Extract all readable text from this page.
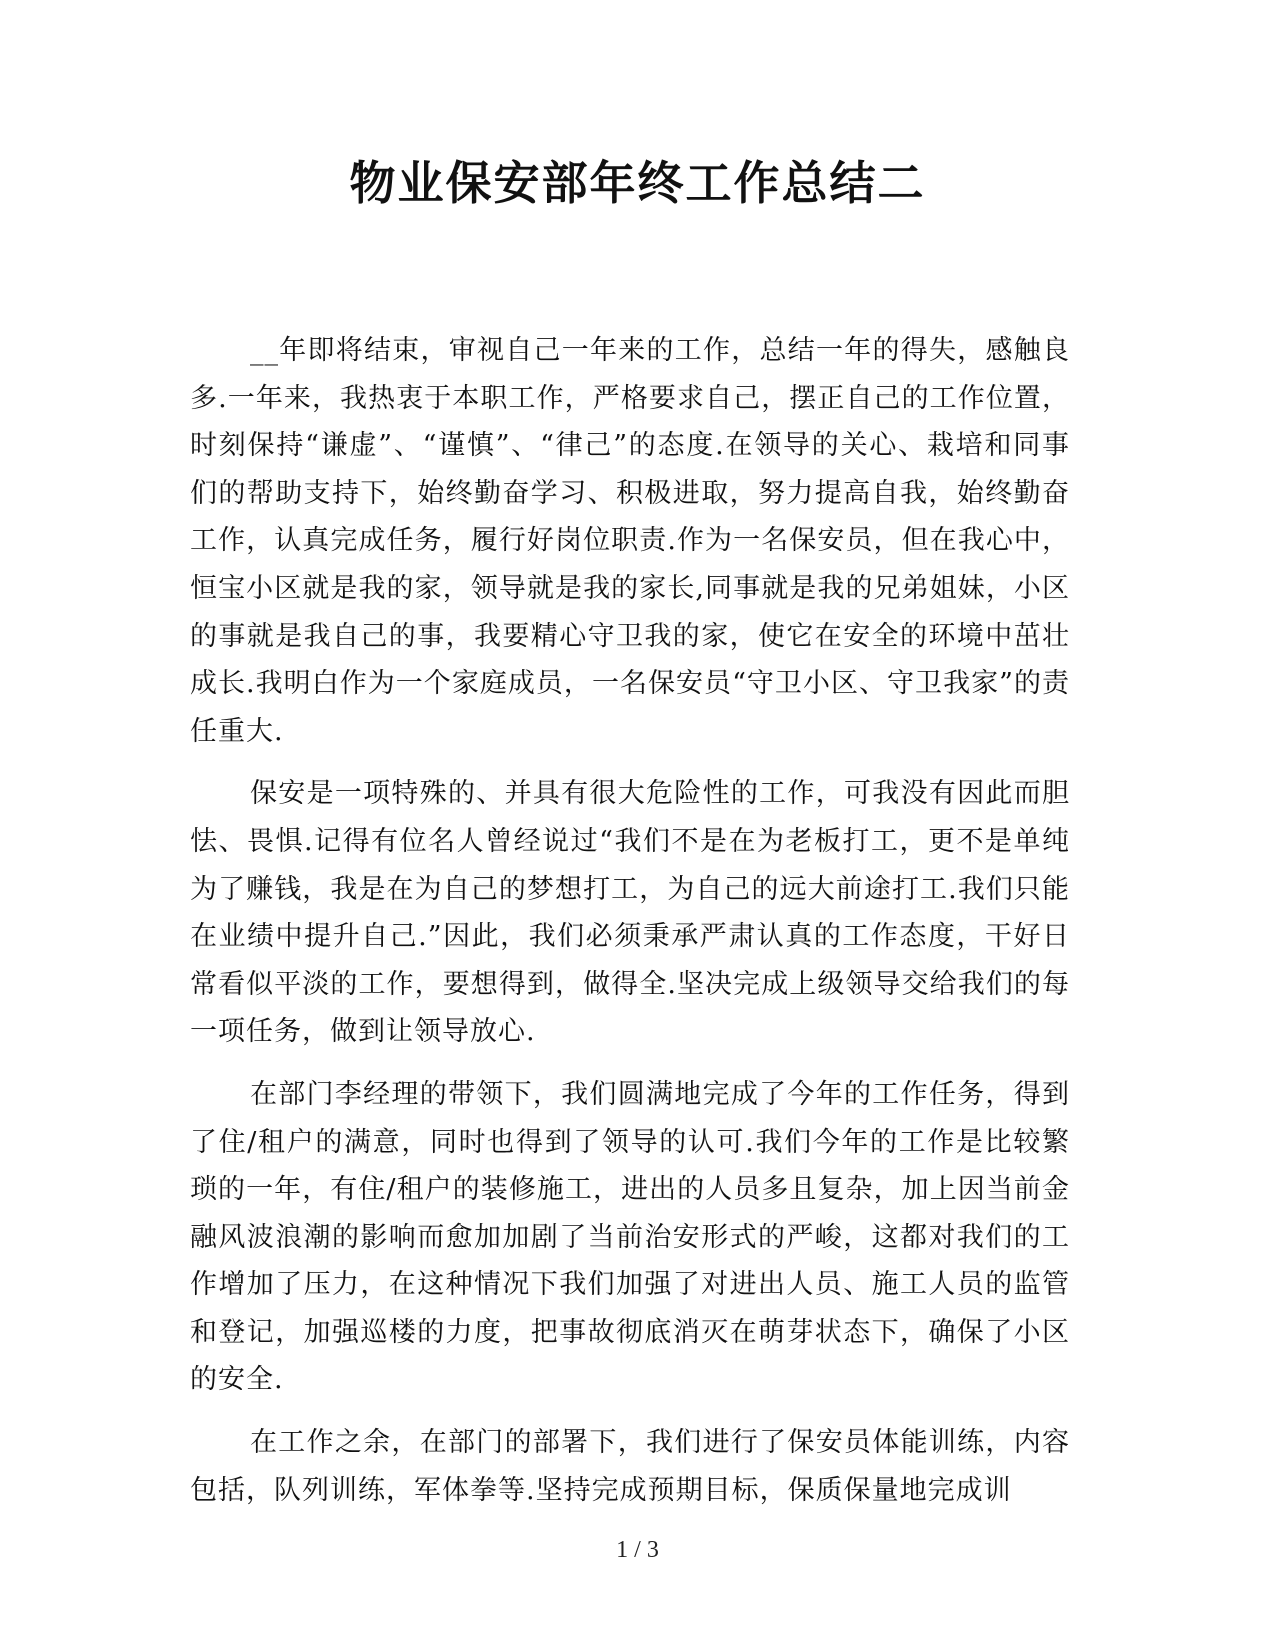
物业保安部年终工作总结二

__年即将结束，审视自己一年来的工作，总结一年的得失，感触良多.一年来，我热衷于本职工作，严格要求自己，摆正自己的工作位置，时刻保持“谦虚”、“谨慎”、“律己”的态度.在领导的关心、栽培和同事们的帮助支持下，始终勤奋学习、积极进取，努力提高自我，始终勤奋工作，认真完成任务，履行好岗位职责.作为一名保安员，但在我心中，恒宝小区就是我的家，领导就是我的家长,同事就是我的兄弟姐妹，小区的事就是我自己的事，我要精心守卫我的家，使它在安全的环境中茁壮成长.我明白作为一个家庭成员，一名保安员“守卫小区、守卫我家”的责任重大.

保安是一项特殊的、并具有很大危险性的工作，可我没有因此而胆怯、畏惧.记得有位名人曾经说过“我们不是在为老板打工，更不是单纯为了赚钱，我是在为自己的梦想打工，为自己的远大前途打工.我们只能在业绩中提升自己.”因此，我们必须秉承严肃认真的工作态度，干好日常看似平淡的工作，要想得到，做得全.坚决完成上级领导交给我们的每一项任务，做到让领导放心.

在部门李经理的带领下，我们圆满地完成了今年的工作任务，得到了住/租户的满意，同时也得到了领导的认可.我们今年的工作是比较繁琐的一年，有住/租户的装修施工，进出的人员多且复杂，加上因当前金融风波浪潮的影响而愈加加剧了当前治安形式的严峻，这都对我们的工作增加了压力，在这种情况下我们加强了对进出人员、施工人员的监管和登记，加强巡楼的力度，把事故彻底消灭在萌芽状态下，确保了小区的安全.

在工作之余，在部门的部署下，我们进行了保安员体能训练，内容包括，队列训练，军体拳等.坚持完成预期目标，保质保量地完成训

1 / 3
